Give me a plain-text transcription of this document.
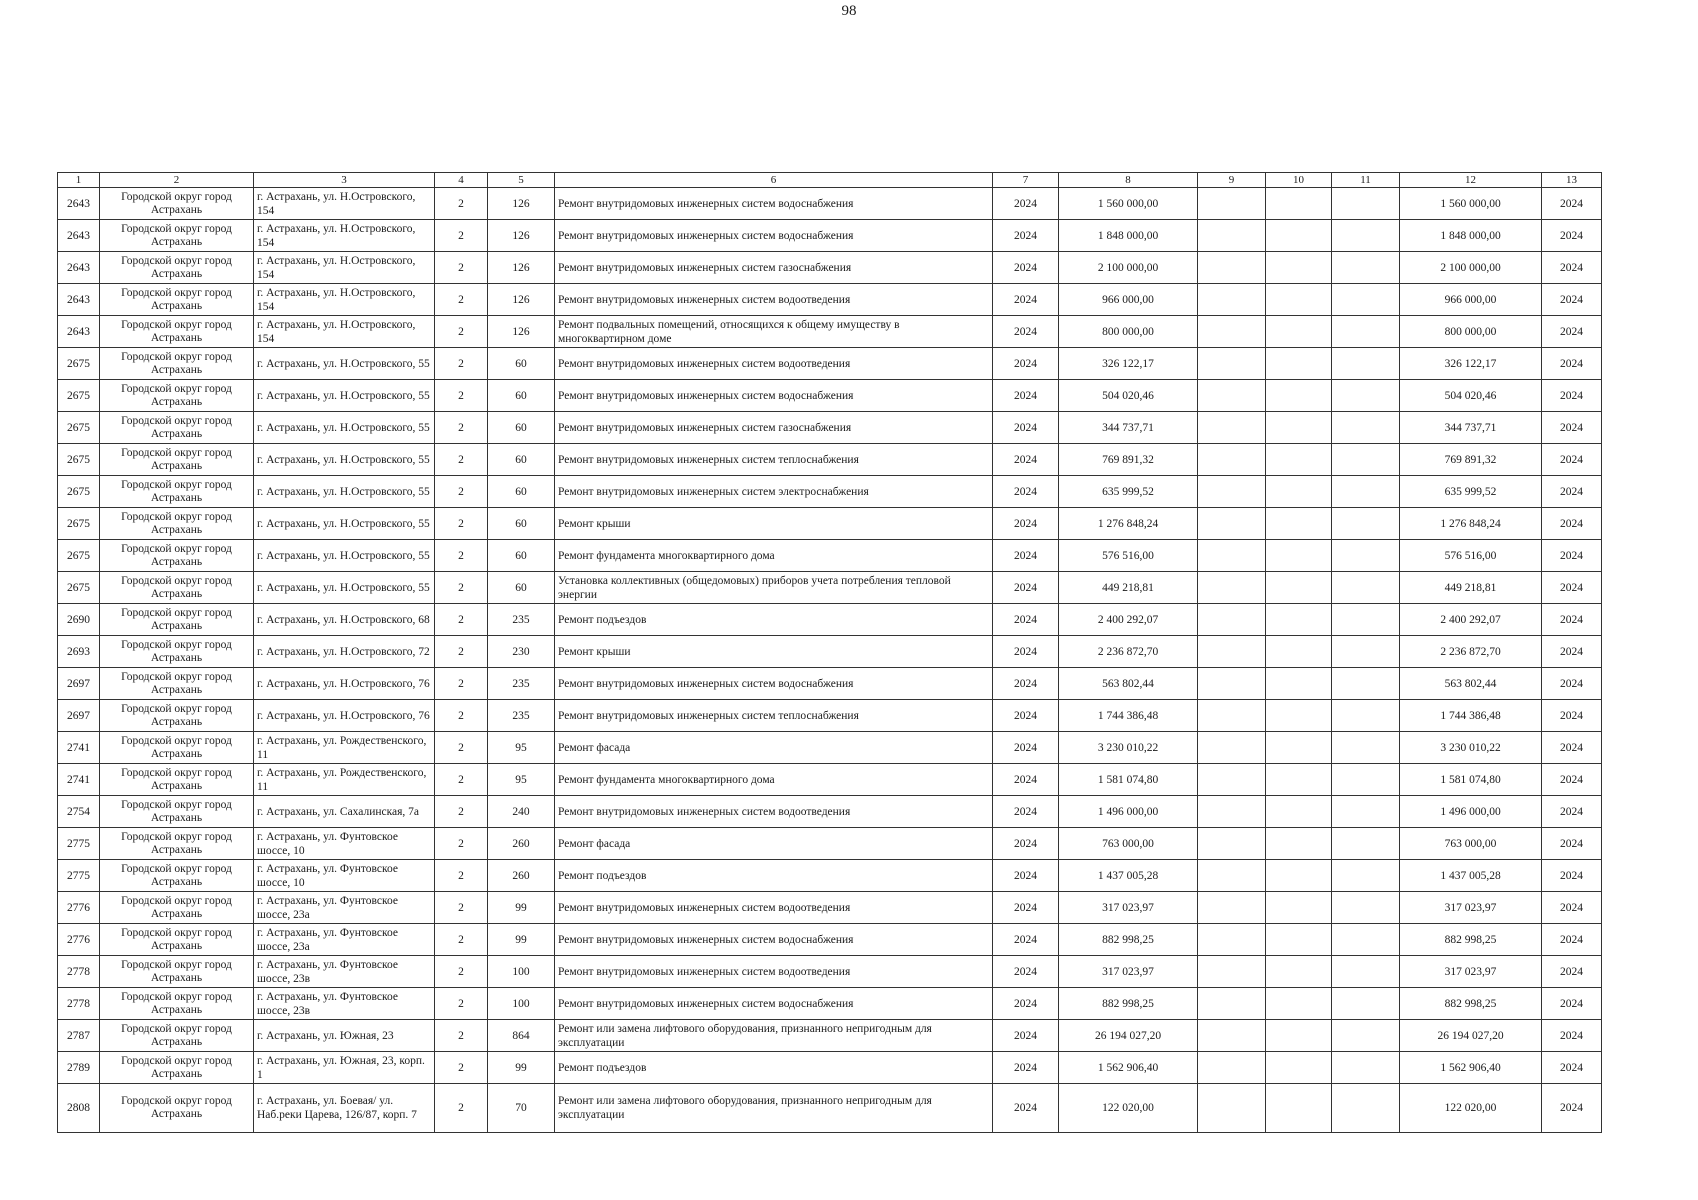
98
1	2	3	4	5	6	7	8	9	10	11	12	13
2643	Городской округ город Астрахань	г. Астрахань, ул. Н.Островского, 154	2	126	Ремонт внутридомовых инженерных систем водоснабжения	2024	1 560 000,00				1 560 000,00	2024
2643	Городской округ город Астрахань	г. Астрахань, ул. Н.Островского, 154	2	126	Ремонт внутридомовых инженерных систем водоснабжения	2024	1 848 000,00				1 848 000,00	2024
2643	Городской округ город Астрахань	г. Астрахань, ул. Н.Островского, 154	2	126	Ремонт внутридомовых инженерных систем газоснабжения	2024	2 100 000,00				2 100 000,00	2024
2643	Городской округ город Астрахань	г. Астрахань, ул. Н.Островского, 154	2	126	Ремонт внутридомовых инженерных систем водоотведения	2024	966 000,00				966 000,00	2024
2643	Городской округ город Астрахань	г. Астрахань, ул. Н.Островского, 154	2	126	Ремонт подвальных помещений, относящихся к общему имуществу в многоквартирном доме	2024	800 000,00				800 000,00	2024
2675	Городской округ город Астрахань	г. Астрахань, ул. Н.Островского, 55	2	60	Ремонт внутридомовых инженерных систем водоотведения	2024	326 122,17				326 122,17	2024
2675	Городской округ город Астрахань	г. Астрахань, ул. Н.Островского, 55	2	60	Ремонт внутридомовых инженерных систем водоснабжения	2024	504 020,46				504 020,46	2024
2675	Городской округ город Астрахань	г. Астрахань, ул. Н.Островского, 55	2	60	Ремонт внутридомовых инженерных систем газоснабжения	2024	344 737,71				344 737,71	2024
2675	Городской округ город Астрахань	г. Астрахань, ул. Н.Островского, 55	2	60	Ремонт внутридомовых инженерных систем теплоснабжения	2024	769 891,32				769 891,32	2024
2675	Городской округ город Астрахань	г. Астрахань, ул. Н.Островского, 55	2	60	Ремонт внутридомовых инженерных систем электроснабжения	2024	635 999,52				635 999,52	2024
2675	Городской округ город Астрахань	г. Астрахань, ул. Н.Островского, 55	2	60	Ремонт крыши	2024	1 276 848,24				1 276 848,24	2024
2675	Городской округ город Астрахань	г. Астрахань, ул. Н.Островского, 55	2	60	Ремонт фундамента многоквартирного дома	2024	576 516,00				576 516,00	2024
2675	Городской округ город Астрахань	г. Астрахань, ул. Н.Островского, 55	2	60	Установка коллективных (общедомовых) приборов учета потребления тепловой энергии	2024	449 218,81				449 218,81	2024
2690	Городской округ город Астрахань	г. Астрахань, ул. Н.Островского, 68	2	235	Ремонт подъездов	2024	2 400 292,07				2 400 292,07	2024
2693	Городской округ город Астрахань	г. Астрахань, ул. Н.Островского, 72	2	230	Ремонт крыши	2024	2 236 872,70				2 236 872,70	2024
2697	Городской округ город Астрахань	г. Астрахань, ул. Н.Островского, 76	2	235	Ремонт внутридомовых инженерных систем водоснабжения	2024	563 802,44				563 802,44	2024
2697	Городской округ город Астрахань	г. Астрахань, ул. Н.Островского, 76	2	235	Ремонт внутридомовых инженерных систем теплоснабжения	2024	1 744 386,48				1 744 386,48	2024
2741	Городской округ город Астрахань	г. Астрахань, ул. Рождественского, 11	2	95	Ремонт фасада	2024	3 230 010,22				3 230 010,22	2024
2741	Городской округ город Астрахань	г. Астрахань, ул. Рождественского, 11	2	95	Ремонт фундамента многоквартирного дома	2024	1 581 074,80				1 581 074,80	2024
2754	Городской округ город Астрахань	г. Астрахань, ул. Сахалинская, 7а	2	240	Ремонт внутридомовых инженерных систем водоотведения	2024	1 496 000,00				1 496 000,00	2024
2775	Городской округ город Астрахань	г. Астрахань, ул. Фунтовское шоссе, 10	2	260	Ремонт фасада	2024	763 000,00				763 000,00	2024
2775	Городской округ город Астрахань	г. Астрахань, ул. Фунтовское шоссе, 10	2	260	Ремонт подъездов	2024	1 437 005,28				1 437 005,28	2024
2776	Городской округ город Астрахань	г. Астрахань, ул. Фунтовское шоссе, 23а	2	99	Ремонт внутридомовых инженерных систем водоотведения	2024	317 023,97				317 023,97	2024
2776	Городской округ город Астрахань	г. Астрахань, ул. Фунтовское шоссе, 23а	2	99	Ремонт внутридомовых инженерных систем водоснабжения	2024	882 998,25				882 998,25	2024
2778	Городской округ город Астрахань	г. Астрахань, ул. Фунтовское шоссе, 23в	2	100	Ремонт внутридомовых инженерных систем водоотведения	2024	317 023,97				317 023,97	2024
2778	Городской округ город Астрахань	г. Астрахань, ул. Фунтовское шоссе, 23в	2	100	Ремонт внутридомовых инженерных систем водоснабжения	2024	882 998,25				882 998,25	2024
2787	Городской округ город Астрахань	г. Астрахань, ул. Южная, 23	2	864	Ремонт или замена лифтового оборудования, признанного непригодным для эксплуатации	2024	26 194 027,20				26 194 027,20	2024
2789	Городской округ город Астрахань	г. Астрахань, ул. Южная, 23, корп. 1	2	99	Ремонт подъездов	2024	1 562 906,40				1 562 906,40	2024
2808	Городской округ город Астрахань	г. Астрахань, ул. Боевая/ ул. Наб.реки Царева, 126/87, корп. 7	2	70	Ремонт или замена лифтового оборудования, признанного непригодным для эксплуатации	2024	122 020,00				122 020,00	2024
